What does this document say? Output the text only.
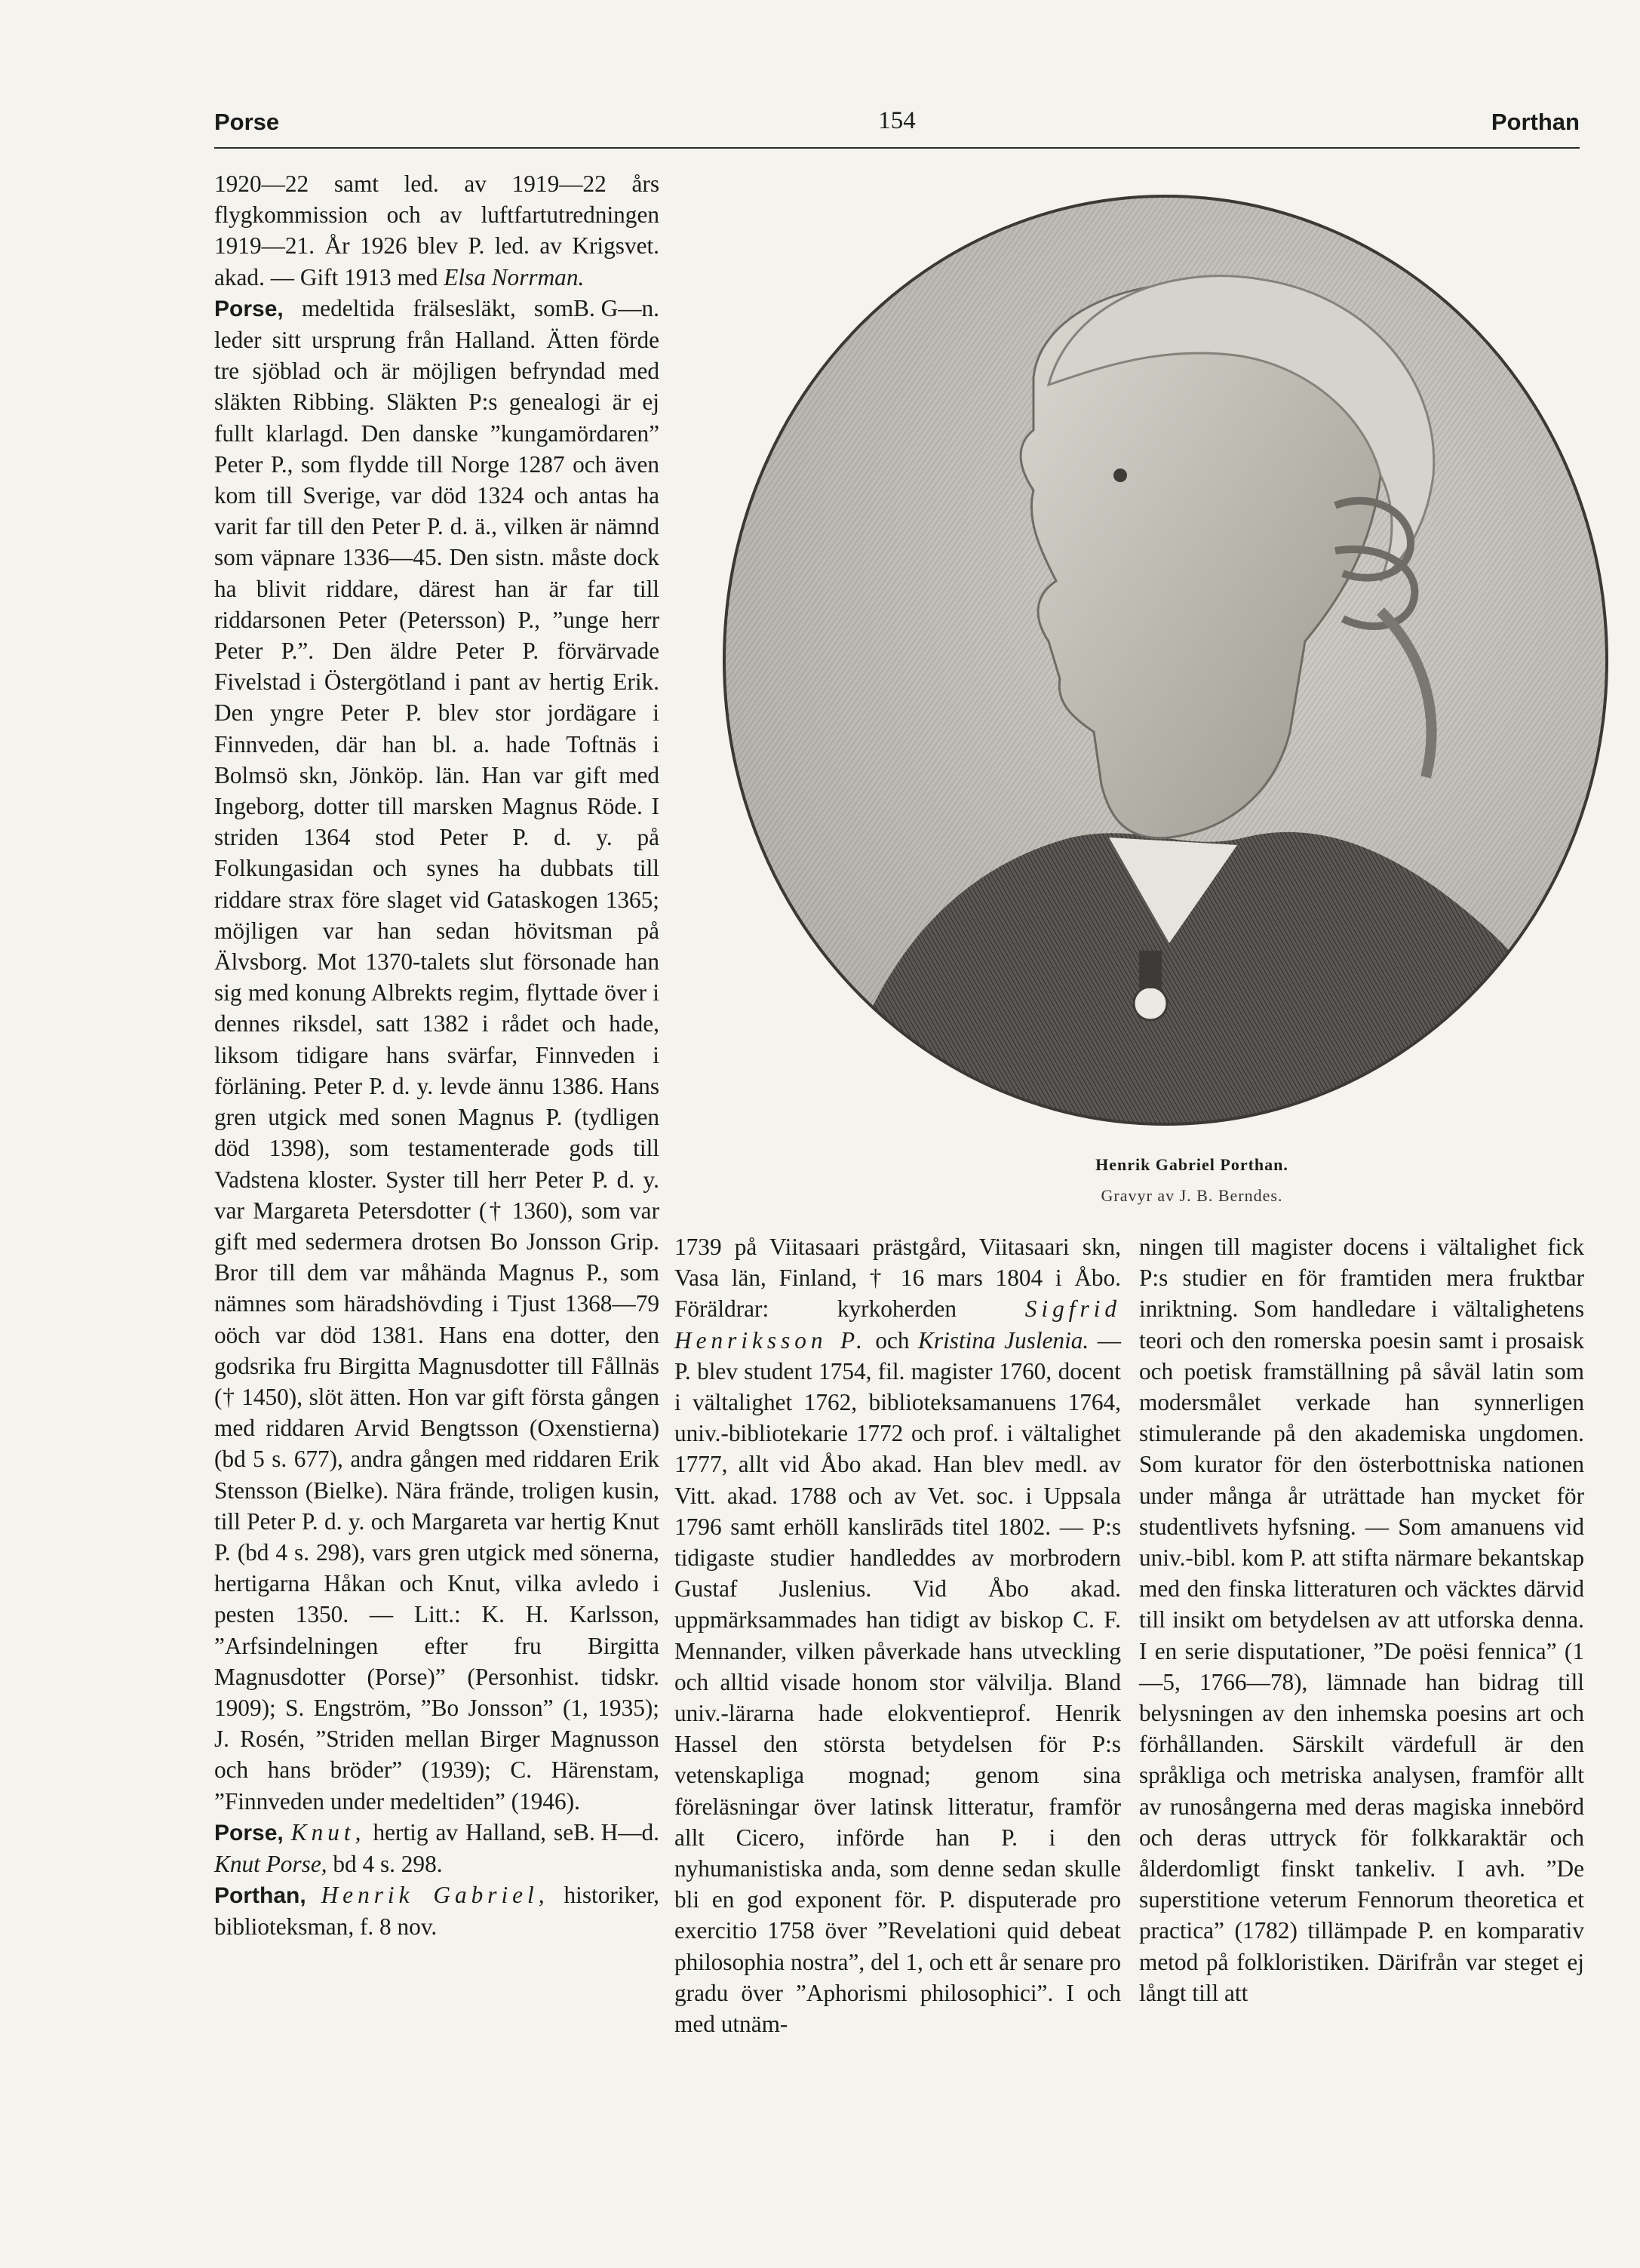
Porse	154	Porthan

1920—22 samt led. av 1919—22 års flygkommission och av luftfartutredningen 1919—21. År 1926 blev P. led. av Krigsvet. akad. — Gift 1913 med Elsa Norrman.
B. G—n.

Porse, medeltida frälsesläkt, som leder sitt ursprung från Halland. Ätten förde tre sjöblad och är möjligen befryndad med släkten Ribbing. Släkten P:s genealogi är ej fullt klarlagd. Den danske ”kungamördaren” Peter P., som flydde till Norge 1287 och även kom till Sverige, var död 1324 och antas ha varit far till den Peter P. d. ä., vilken är nämnd som väpnare 1336—45. Den sistn. måste dock ha blivit riddare, därest han är far till riddarsonen Peter (Petersson) P., ”unge herr Peter P.”. Den äldre Peter P. förvärvade Fivelstad i Östergötland i pant av hertig Erik. Den yngre Peter P. blev stor jordägare i Finnveden, där han bl. a. hade Toftnäs i Bolmsö skn, Jönköp. län. Han var gift med Ingeborg, dotter till marsken Magnus Röde. I striden 1364 stod Peter P. d. y. på Folkungasidan och synes ha dubbats till riddare strax före slaget vid Gataskogen 1365; möjligen var han sedan hövitsman på Älvsborg. Mot 1370-talets slut försonade han sig med konung Albrekts regim, flyttade över i dennes riksdel, satt 1382 i rådet och hade, liksom tidigare hans svärfar, Finnveden i förläning. Peter P. d. y. levde ännu 1386. Hans gren utgick med sonen Magnus P. (tydligen död 1398), som testamenterade gods till Vadstena kloster. Syster till herr Peter P. d. y. var Margareta Petersdotter († 1360), som var gift med sedermera drotsen Bo Jonsson Grip. Bror till dem var måhända Magnus P., som nämnes som häradshövding i Tjust 1368—79 oöch var död 1381. Hans ena dotter, den godsrika fru Birgitta Magnusdotter till Fållnäs († 1450), slöt ätten. Hon var gift första gången med riddaren Arvid Bengtsson (Oxenstierna) (bd 5 s. 677), andra gången med riddaren Erik Stensson (Bielke). Nära frände, troligen kusin, till Peter P. d. y. och Margareta var hertig Knut P. (bd 4 s. 298), vars gren utgick med sönerna, hertigarna Håkan och Knut, vilka avledo i pesten 1350. — Litt.: K. H. Karlsson, ”Arfsindelningen efter fru Birgitta Magnusdotter (Porse)” (Personhist. tidskr. 1909); S. Engström, ”Bo Jonsson” (1, 1935); J. Rosén, ”Striden mellan Birger Magnusson och hans bröder” (1939); C. Härenstam, ”Finnveden under medeltiden” (1946).
B. H—d.

Porse, Knut, hertig av Halland, se Knut Porse, bd 4 s. 298.

Porthan, Henrik Gabriel, historiker, biblioteksman, f. 8 nov.

Henrik Gabriel Porthan.
Gravyr av J. B. Berndes.

1739 på Viitasaari prästgård, Viitasaari skn, Vasa län, Finland, † 16 mars 1804 i Åbo. Föräldrar: kyrkoherden Sigfrid Henriksson P. och Kristina Juslenia. — P. blev student 1754, fil. magister 1760, docent i vältalighet 1762, biblioteksamanuens 1764, univ.-bibliotekarie 1772 och prof. i vältalighet 1777, allt vid Åbo akad. Han blev medl. av Vitt. akad. 1788 och av Vet. soc. i Uppsala 1796 samt erhöll kanslirāds titel 1802. — P:s tidigaste studier handleddes av morbrodern Gustaf Juslenius. Vid Åbo akad. uppmärksammades han tidigt av biskop C. F. Mennander, vilken påverkade hans utveckling och alltid visade honom stor välvilja. Bland univ.-lärarna hade elokventieprof. Henrik Hassel den största betydelsen för P:s vetenskapliga mognad; genom sina föreläsningar över latinsk litteratur, framför allt Cicero, införde han P. i den nyhumanistiska anda, som denne sedan skulle bli en god exponent för. P. disputerade pro exercitio 1758 över ”Revelationi quid debeat philosophia nostra”, del 1, och ett år senare pro gradu över ”Aphorismi philosophici”. I och med utnäm-

ningen till magister docens i vältalighet fick P:s studier en för framtiden mera fruktbar inriktning. Som handledare i vältalighetens teori och den romerska poesin samt i prosaisk och poetisk framställning på såväl latin som modersmålet verkade han synnerligen stimulerande på den akademiska ungdomen. Som kurator för den österbottniska nationen under många år uträttade han mycket för studentlivets hyfsning. — Som amanuens vid univ.-bibl. kom P. att stifta närmare bekantskap med den finska litteraturen och väcktes därvid till insikt om betydelsen av att utforska denna. I en serie disputationer, ”De poësi fennica” (1—5, 1766—78), lämnade han bidrag till belysningen av den inhemska poesins art och förhållanden. Särskilt värdefull är den språkliga och metriska analysen, framför allt av runosångerna med deras magiska innebörd och deras uttryck för folkkaraktär och ålderdomligt finskt tankeliv. I avh. ”De superstitione veterum Fennorum theoretica et practica” (1782) tillämpade P. en komparativ metod på folkloristiken. Därifrån var steget ej långt till att
